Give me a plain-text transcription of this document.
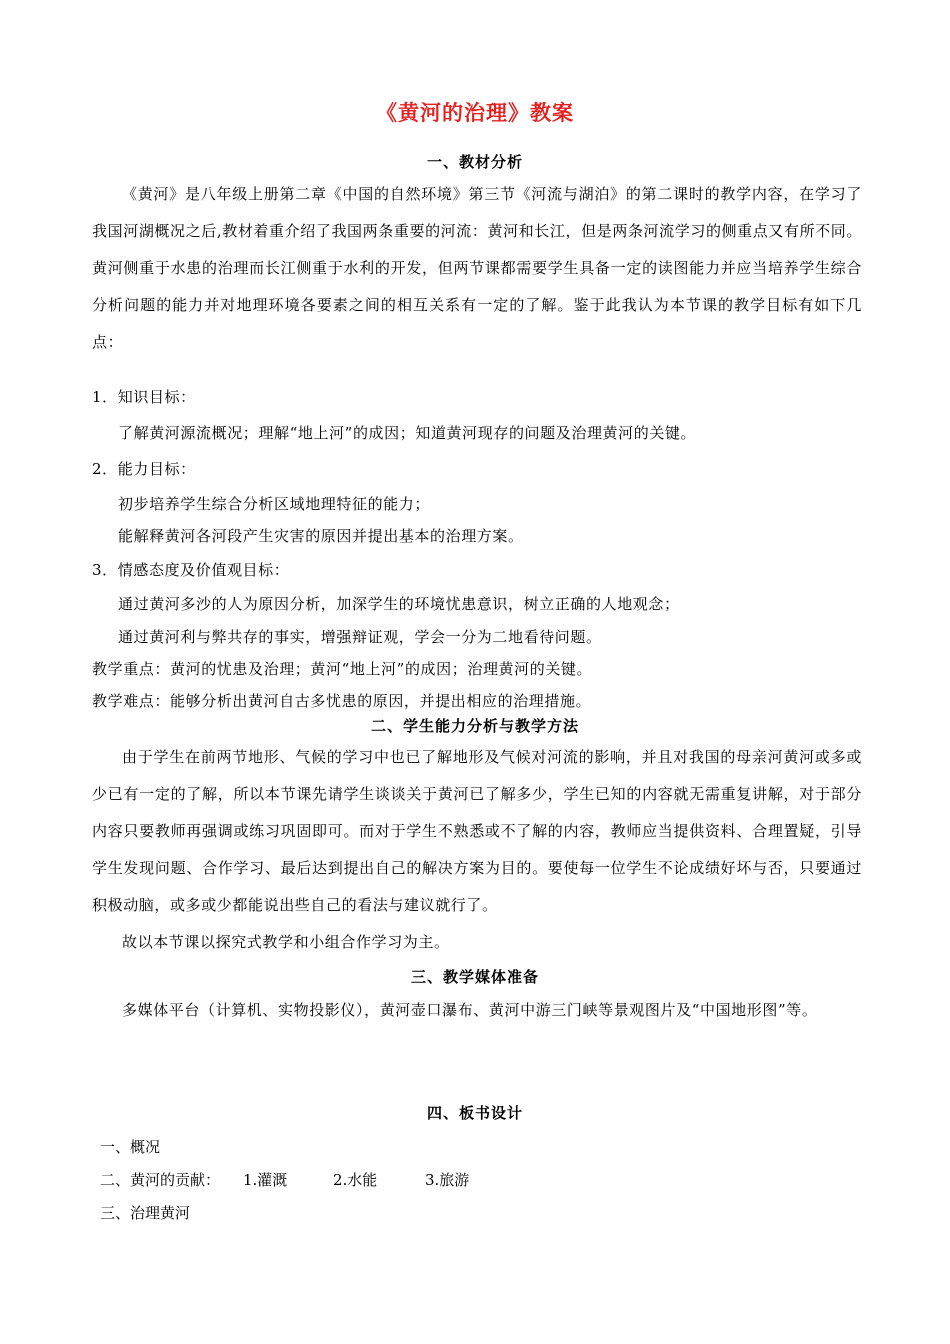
《黄河的治理》教案
一、教材分析
《黄河》是八年级上册第二章《中国的自然环境》第三节《河流与湖泊》的第二课时的教学内容，在学习了我国河湖概况之后,教材着重介绍了我国两条重要的河流：黄河和长江，但是两条河流学习的侧重点又有所不同。黄河侧重于水患的治理而长江侧重于水利的开发，但两节课都需要学生具备一定的读图能力并应当培养学生综合分析问题的能力并对地理环境各要素之间的相互关系有一定的了解。鉴于此我认为本节课的教学目标有如下几点：
1．知识目标：
了解黄河源流概况；理解“地上河”的成因；知道黄河现存的问题及治理黄河的关键。
2．能力目标：
初步培养学生综合分析区域地理特征的能力；
能解释黄河各河段产生灾害的原因并提出基本的治理方案。
3．情感态度及价值观目标：
通过黄河多沙的人为原因分析，加深学生的环境忧患意识，树立正确的人地观念；
通过黄河利与弊共存的事实，增强辩证观，学会一分为二地看待问题。
教学重点：黄河的忧患及治理；黄河“地上河”的成因；治理黄河的关键。
教学难点：能够分析出黄河自古多忧患的原因，并提出相应的治理措施。
二、学生能力分析与教学方法
由于学生在前两节地形、气候的学习中也已了解地形及气候对河流的影响，并且对我国的母亲河黄河或多或少已有一定的了解，所以本节课先请学生谈谈关于黄河已了解多少，学生已知的内容就无需重复讲解，对于部分内容只要教师再强调或练习巩固即可。而对于学生不熟悉或不了解的内容，教师应当提供资料、合理置疑，引导学生发现问题、合作学习、最后达到提出自己的解决方案为目的。要使每一位学生不论成绩好坏与否，只要通过积极动脑，或多或少都能说出些自己的看法与建议就行了。
故以本节课以探究式教学和小组合作学习为主。
三、教学媒体准备
多媒体平台（计算机、实物投影仪），黄河壶口瀑布、黄河中游三门峡等景观图片及“中国地形图”等。
四、板书设计
一、概况
二、黄河的贡献： 1.灌溉	2.水能	3.旅游
三、治理黄河
